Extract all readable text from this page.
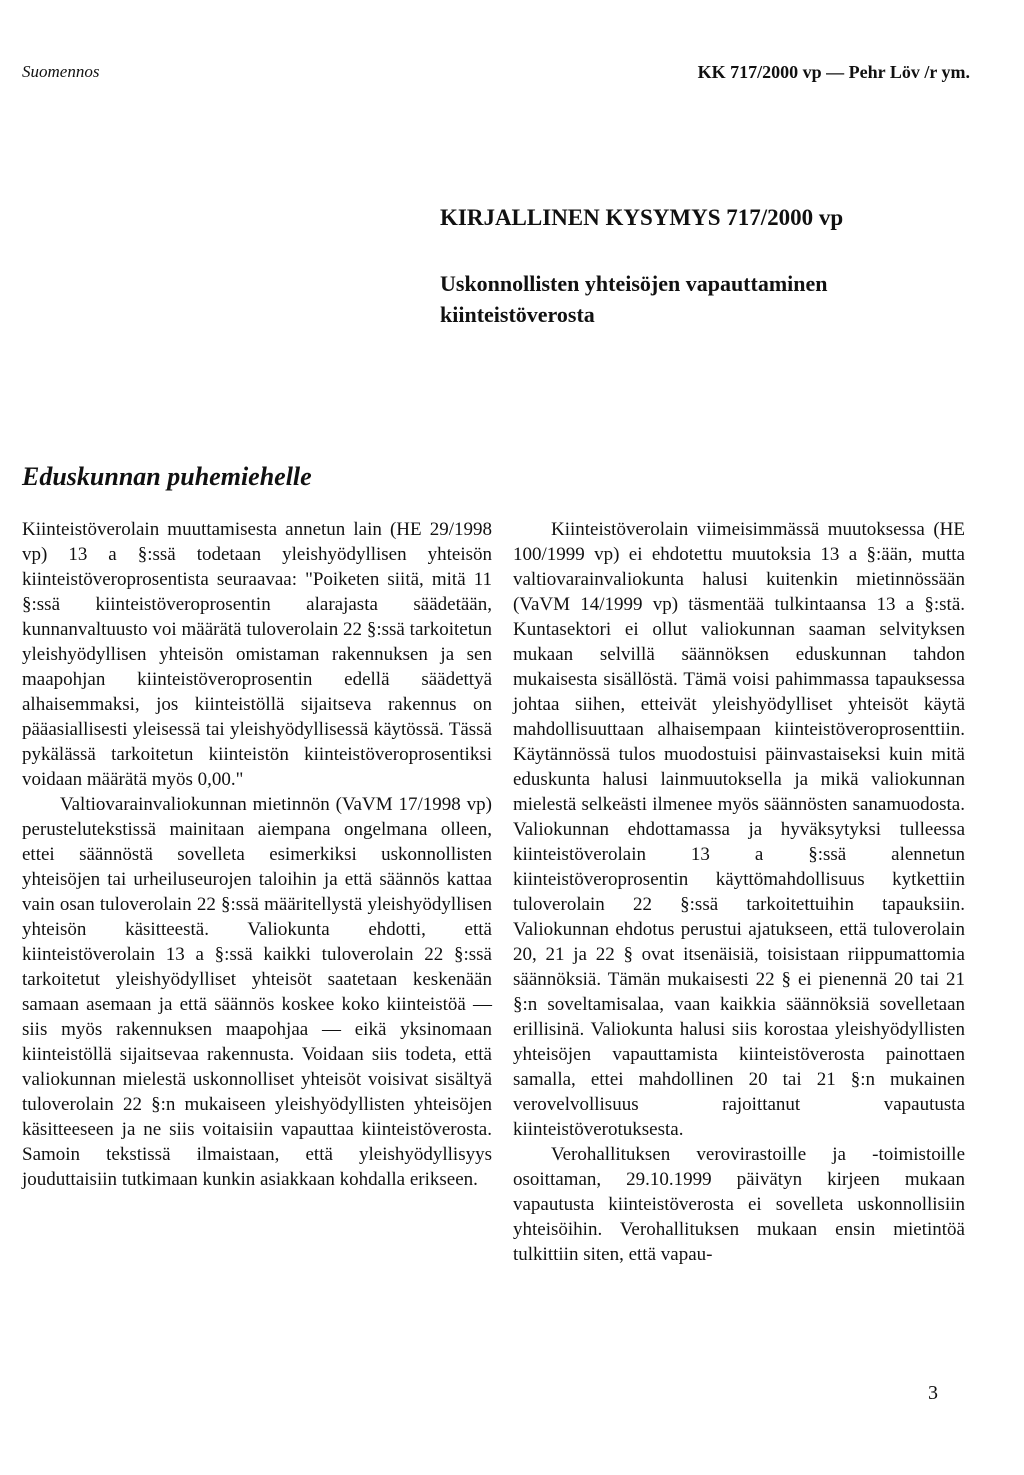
Suomennos	KK 717/2000 vp — Pehr Löv /r ym.
KIRJALLINEN KYSYMYS 717/2000 vp
Uskonnollisten yhteisöjen vapauttaminen kiinteistöverosta
Eduskunnan puhemiehelle

Kiinteistöverolain muuttamisesta annetun lain (HE 29/1998 vp) 13 a §:ssä todetaan yleishyödyllisen yhteisön kiinteistöveroprosentista seuraavaa: "Poiketen siitä, mitä 11 §:ssä kiinteistöveroprosentin alarajasta säädetään, kunnanvaltuusto voi määrätä tuloverolain 22 §:ssä tarkoitetun yleishyödyllisen yhteisön omistaman rakennuksen ja sen maapohjan kiinteistöveroprosentin edellä säädettyä alhaisemmaksi, jos kiinteistöllä sijaitseva rakennus on pääasiallisesti yleisessä tai yleishyödyllisessä käytössä. Tässä pykälässä tarkoitetun kiinteistön kiinteistöveroprosentiksi voidaan määrätä myös 0,00."

Valtiovarainvaliokunnan mietinnön (VaVM 17/1998 vp) perustelutekstissä mainitaan aiempana ongelmana olleen, ettei säännöstä sovelleta esimerkiksi uskonnollisten yhteisöjen tai urheiluseurojen taloihin ja että säännös kattaa vain osan tuloverolain 22 §:ssä määritellystä yleishyödyllisen yhteisön käsitteestä. Valiokunta ehdotti, että kiinteistöverolain 13 a §:ssä kaikki tuloverolain 22 §:ssä tarkoitetut yleishyödylliset yhteisöt saatetaan keskenään samaan asemaan ja että säännös koskee koko kiinteistöä — siis myös rakennuksen maapohjaa — eikä yksinomaan kiinteistöllä sijaitsevaa rakennusta. Voidaan siis todeta, että valiokunnan mielestä uskonnolliset yhteisöt voisivat sisältyä tuloverolain 22 §:n mukaiseen yleishyödyllisten yhteisöjen käsitteeseen ja ne siis voitaisiin vapauttaa kiinteistöverosta. Samoin tekstissä ilmaistaan, että yleishyödyllisyys jouduttaisiin tutkimaan kunkin asiakkaan kohdalla erikseen.

Kiinteistöverolain viimeisimmässä muutoksessa (HE 100/1999 vp) ei ehdotettu muutoksia 13 a §:ään, mutta valtiovarainvaliokunta halusi kuitenkin mietinnössään (VaVM 14/1999 vp) täsmentää tulkintaansa 13 a §:stä. Kuntasektori ei ollut valiokunnan saaman selvityksen mukaan selvillä säännöksen eduskunnan tahdon mukaisesta sisällöstä. Tämä voisi pahimmassa tapauksessa johtaa siihen, etteivät yleishyödylliset yhteisöt käytä mahdollisuuttaan alhaisempaan kiinteistöveroprosenttiin. Käytännössä tulos muodostuisi päinvastaiseksi kuin mitä eduskunta halusi lainmuutoksella ja mikä valiokunnan mielestä selkeästi ilmenee myös säännösten sanamuodosta. Valiokunnan ehdottamassa ja hyväksytyksi tulleessa kiinteistöverolain 13 a §:ssä alennetun kiinteistöveroprosentin käyttömahdollisuus kytkettiin tuloverolain 22 §:ssä tarkoitettuihin tapauksiin. Valiokunnan ehdotus perustui ajatukseen, että tuloverolain 20, 21 ja 22 § ovat itsenäisiä, toisistaan riippumattomia säännöksiä. Tämän mukaisesti 22 § ei pienennä 20 tai 21 §:n soveltamisalaa, vaan kaikkia säännöksiä sovelletaan erillisinä. Valiokunta halusi siis korostaa yleishyödyllisten yhteisöjen vapauttamista kiinteistöverosta painottaen samalla, ettei mahdollinen 20 tai 21 §:n mukainen verovelvollisuus rajoittanut vapautusta kiinteistöverotuksesta.

Verohallituksen verovirastoille ja -toimistoille osoittaman, 29.10.1999 päivätyn kirjeen mukaan vapautusta kiinteistöverosta ei sovelleta uskonnollisiin yhteisöihin. Verohallituksen mukaan ensin mietintöä tulkittiin siten, että vapau-

3
